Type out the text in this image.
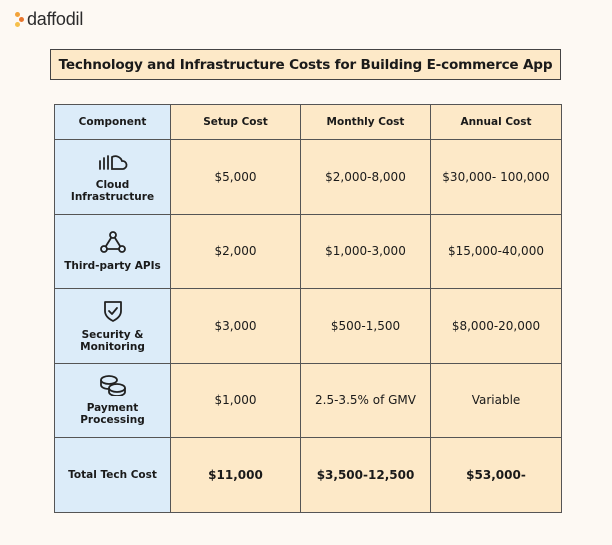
daffodil
Technology and Infrastructure Costs for Building E-commerce App
Component	Setup Cost	Monthly Cost	Annual Cost

Cloud Infrastructure	$5,000	$2,000-8,000	$30,000- 100,000

Third-party APIs	$2,000	$1,000-3,000	$15,000-40,000

Security & Monitoring	$3,000	$500-1,500	$8,000-20,000

Payment Processing	$1,000	2.5-3.5% of GMV	Variable
Total Tech Cost	$11,000	$3,500-12,500	$53,000-
